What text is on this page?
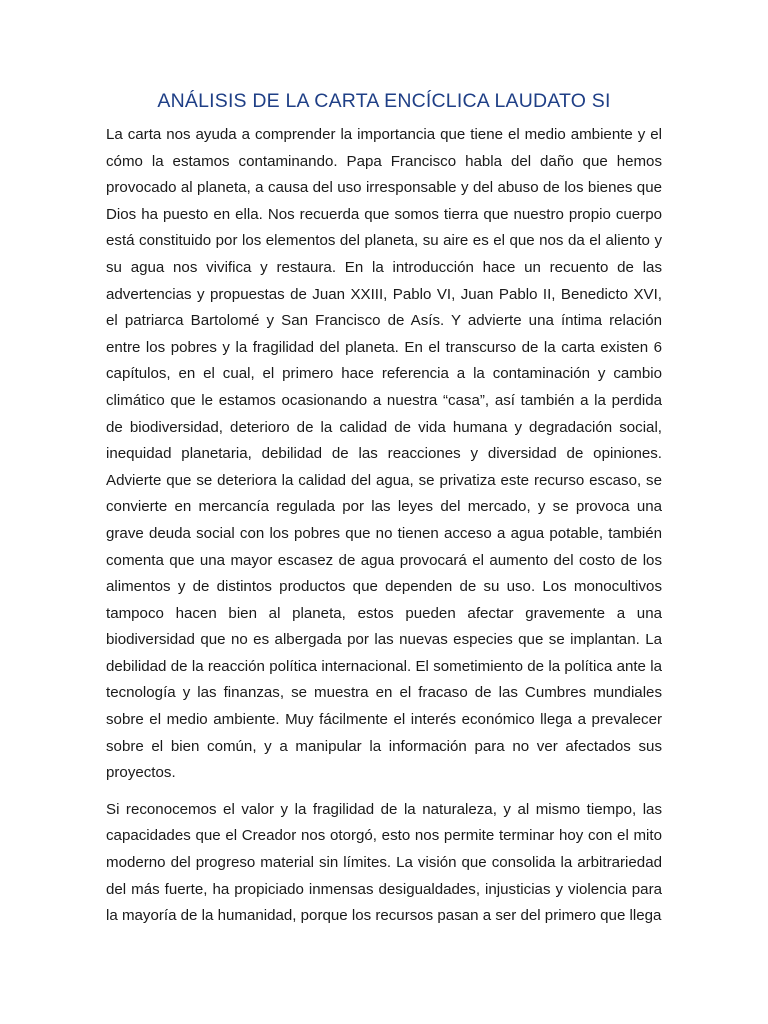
ANÁLISIS DE LA CARTA ENCÍCLICA LAUDATO SI

La carta nos ayuda a comprender la importancia que tiene el medio ambiente y el cómo la estamos contaminando. Papa Francisco habla del daño que hemos provocado al planeta, a causa del uso irresponsable y del abuso de los bienes que Dios ha puesto en ella. Nos recuerda que somos tierra que nuestro propio cuerpo está constituido por los elementos del planeta, su aire es el que nos da el aliento y su agua nos vivifica y restaura. En la introducción hace un recuento de las advertencias y propuestas de Juan XXIII, Pablo VI, Juan Pablo II, Benedicto XVI, el patriarca Bartolomé y San Francisco de Asís. Y advierte una íntima relación entre los pobres y la fragilidad del planeta. En el transcurso de la carta existen 6 capítulos, en el cual, el primero hace referencia a la contaminación y cambio climático que le estamos ocasionando a nuestra “casa”, así también a la perdida de biodiversidad, deterioro de la calidad de vida humana y degradación social, inequidad planetaria, debilidad de las reacciones y diversidad de opiniones. Advierte que se deteriora la calidad del agua, se privatiza este recurso escaso, se convierte en mercancía regulada por las leyes del mercado, y se provoca una grave deuda social con los pobres que no tienen acceso a agua potable, también comenta que una mayor escasez de agua provocará el aumento del costo de los alimentos y de distintos productos que dependen de su uso. Los monocultivos tampoco hacen bien al planeta, estos pueden afectar gravemente a una biodiversidad que no es albergada por las nuevas especies que se implantan. La debilidad de la reacción política internacional. El sometimiento de la política ante la tecnología y las finanzas, se muestra en el fracaso de las Cumbres mundiales sobre el medio ambiente. Muy fácilmente el interés económico llega a prevalecer sobre el bien común, y a manipular la información para no ver afectados sus proyectos.

Si reconocemos el valor y la fragilidad de la naturaleza, y al mismo tiempo, las capacidades que el Creador nos otorgó, esto nos permite terminar hoy con el mito moderno del progreso material sin límites. La visión que consolida la arbitrariedad del más fuerte, ha propiciado inmensas desigualdades, injusticias y violencia para la mayoría de la humanidad, porque los recursos pasan a ser del primero que llega
